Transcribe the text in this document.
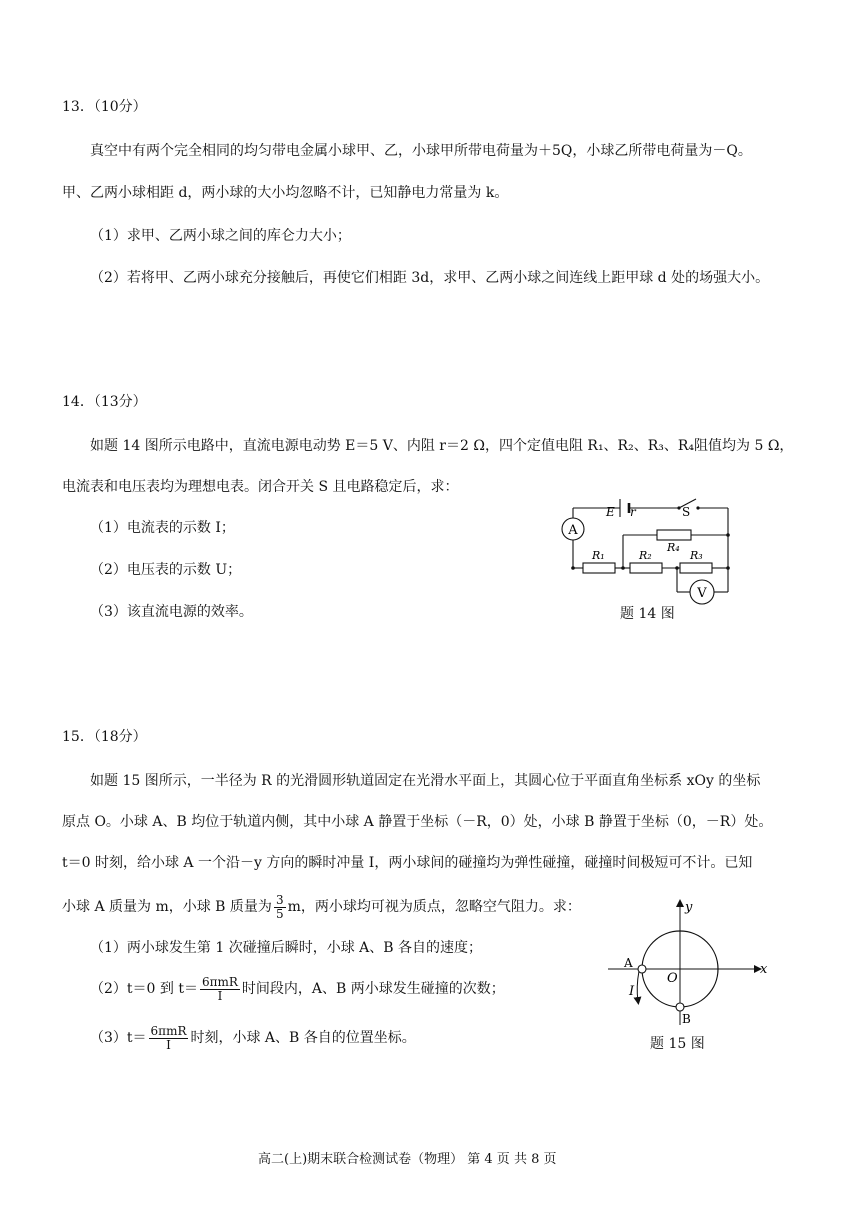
13．（10分）
真空中有两个完全相同的均匀带电金属小球甲、乙，小球甲所带电荷量为＋5Q，小球乙所带电荷量为－Q。
甲、乙两小球相距 d，两小球的大小均忽略不计，已知静电力常量为 k。
（1）求甲、乙两小球之间的库仑力大小；
（2）若将甲、乙两小球充分接触后，再使它们相距 3d，求甲、乙两小球之间连线上距甲球 d 处的场强大小。
14．（13分）
如题 14 图所示电路中，直流电源电动势 E＝5 V、内阻 r＝2 Ω，四个定值电阻 R₁、R₂、R₃、R₄阻值均为 5 Ω，
电流表和电压表均为理想电表。闭合开关 S 且电路稳定后，求：
（1）电流表的示数 I；
（2）电压表的示数 U；
（3）该直流电源的效率。
A
V
E r	S
R₄
R₁	R₂	R₃
题 14 图
15．（18分）
如题 15 图所示，一半径为 R 的光滑圆形轨道固定在光滑水平面上，其圆心位于平面直角坐标系 xOy 的坐标
原点 O。小球 A、B 均位于轨道内侧，其中小球 A 静置于坐标（－R，0）处，小球 B 静置于坐标（0，－R）处。
t＝0 时刻，给小球 A 一个沿－y 方向的瞬时冲量 I，两小球间的碰撞均为弹性碰撞，碰撞时间极短可不计。已知
小球 A 质量为 m，小球 B 质量为 $\frac{3}{5}$ m，两小球均可视为质点，忽略空气阻力。求：
（1）两小球发生第 1 次碰撞后瞬时，小球 A、B 各自的速度；
（2）t＝0 到 $t= \frac{\text{6πmR}}{I}$ 时间段内，A、B 两小球发生碰撞的次数；
$(3)t= \frac{\text{6πmR}}{I}$ 时刻，小球 A、B 各自的位置坐标。
x
y
O
A
B
I
题 15 图
高二(上)期末联合检测试卷（物理） 第 4 页 共 8 页
